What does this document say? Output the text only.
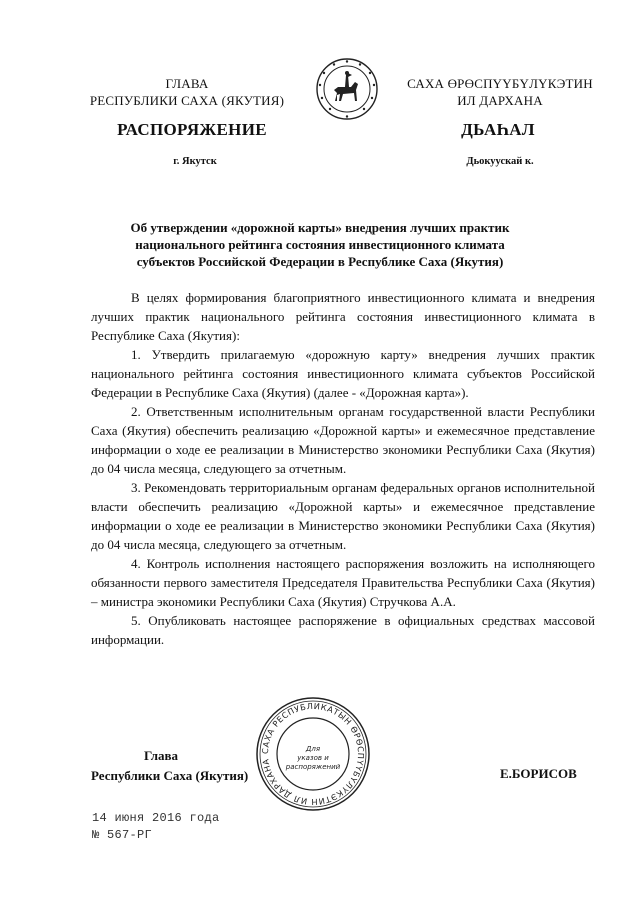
ГЛАВА
РЕСПУБЛИКИ САХА (ЯКУТИЯ)
САХА ӨРӨСПҮҮБҮЛҮКЭТИН
ИЛ ДАРХАНА
РАСПОРЯЖЕНИЕ	ДЬАҺАЛ
г. Якутск	Дьокуускай к.
Об утверждении «дорожной карты» внедрения лучших практик
национального рейтинга состояния инвестиционного климата
субъектов Российской Федерации в Республике Саха (Якутия)

В целях формирования благоприятного инвестиционного климата и внедрения лучших практик национального рейтинга состояния инвестиционного климата в Республике Саха (Якутия):

1. Утвердить прилагаемую «дорожную карту» внедрения лучших практик национального рейтинга состояния инвестиционного климата субъектов Российской Федерации в Республике Саха (Якутия) (далее - «Дорожная карта»).

2. Ответственным исполнительным органам государственной власти Республики Саха (Якутия) обеспечить реализацию «Дорожной карты» и ежемесячное представление информации о ходе ее реализации в Министерство экономики Республики Саха (Якутия) до 04 числа месяца, следующего за отчетным.

3. Рекомендовать территориальным органам федеральных органов исполнительной власти обеспечить реализацию «Дорожной карты» и ежемесячное представление информации о ходе ее реализации в Министерство экономики Республики Саха (Якутия) до 04 числа месяца, следующего за отчетным.

4. Контроль исполнения настоящего распоряжения возложить на исполняющего обязанности первого заместителя Председателя Правительства Республики Саха (Якутия) – министра экономики Республики Саха (Якутия) Стручкова А.А.

5. Опубликовать настоящее распоряжение в официальных средствах массовой информации.

САХА РЕСПУБЛИКАТЫН ӨРӨСПҮҮБҮЛҮКЭТИН ИЛ ДАРХАНА
Для
указов и
распоряжений
Глава
Республики Саха (Якутия)	Е.БОРИСОВ
14 июня 2016 года
№ 567-РГ
